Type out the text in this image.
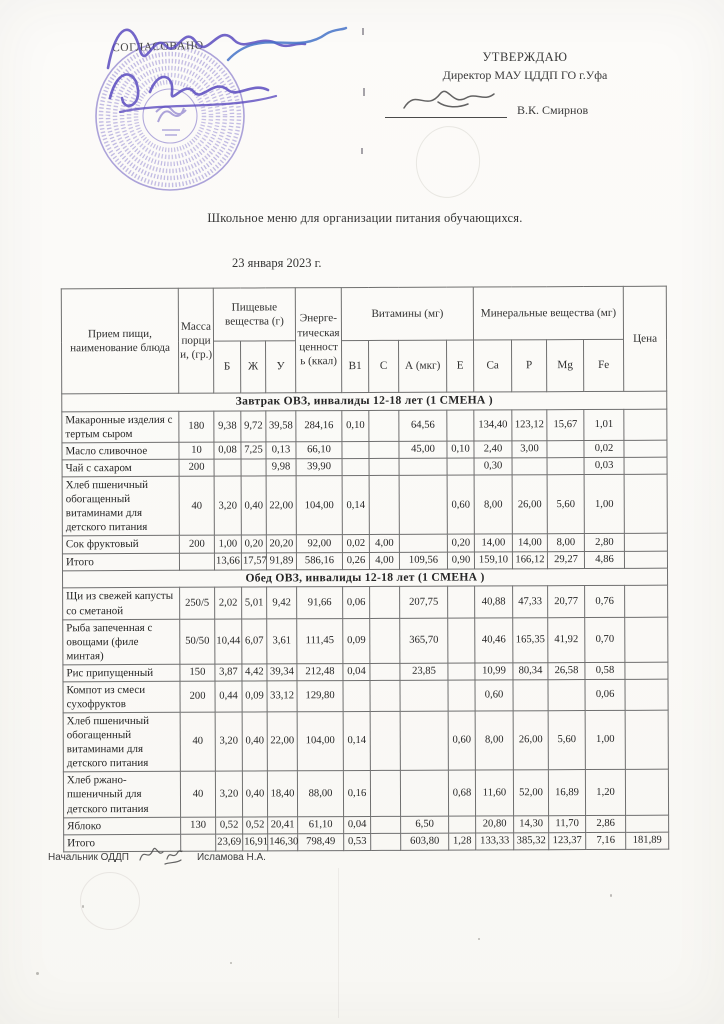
СОГЛАСОВАНО
УТВЕРЖДАЮ
Директор МАУ ЦДДП ГО г.Уфа
В.К. Смирнов
Школьное меню для организации питания обучающихся.
23 января 2023 г.
Прием пищи, наименование блюда	Масса порции, (гр.)	Пищевые вещества (г)			Энерге-тическая ценность (ккал)	Витамины (мг)				Минеральные вещества (мг)				Цена
		Б	Ж	У		В1	С	А (мкг)	Е	Ca	P	Mg	Fe	
Завтрак ОВЗ, инвалиды 12-18 лет (1 СМЕНА )														
Макаронные изделия с тертым сыром	180	9,38	9,72	39,58	284,16	0,10		64,56		134,40	123,12	15,67	1,01	
Масло сливочное	10	0,08	7,25	0,13	66,10			45,00	0,10	2,40	3,00		0,02	
Чай с сахаром	200			9,98	39,90					0,30			0,03	
Хлеб пшеничный обогащенный витаминами для детского питания	40	3,20	0,40	22,00	104,00	0,14			0,60	8,00	26,00	5,60	1,00	
Сок фруктовый	200	1,00	0,20	20,20	92,00	0,02	4,00		0,20	14,00	14,00	8,00	2,80	
Итого		13,66	17,57	91,89	586,16	0,26	4,00	109,56	0,90	159,10	166,12	29,27	4,86	
Обед ОВЗ, инвалиды 12-18 лет (1 СМЕНА )														
Щи из свежей капусты со сметаной	250/5	2,02	5,01	9,42	91,66	0,06		207,75		40,88	47,33	20,77	0,76	
Рыба запеченная с овощами (филе минтая)	50/50	10,44	6,07	3,61	111,45	0,09		365,70		40,46	165,35	41,92	0,70	
Рис припущенный	150	3,87	4,42	39,34	212,48	0,04		23,85		10,99	80,34	26,58	0,58	
Компот из смеси сухофруктов	200	0,44	0,09	33,12	129,80					0,60			0,06	
Хлеб пшеничный обогащенный витаминами для детского питания	40	3,20	0,40	22,00	104,00	0,14			0,60	8,00	26,00	5,60	1,00	
Хлеб ржано-пшеничный для детского питания	40	3,20	0,40	18,40	88,00	0,16			0,68	11,60	52,00	16,89	1,20	
Яблоко	130	0,52	0,52	20,41	61,10	0,04		6,50		20,80	14,30	11,70	2,86	
Итого		23,69	16,91	146,30	798,49	0,53		603,80	1,28	133,33	385,32	123,37	7,16	181,89
Начальник ОДДП	Исламова Н.А.
